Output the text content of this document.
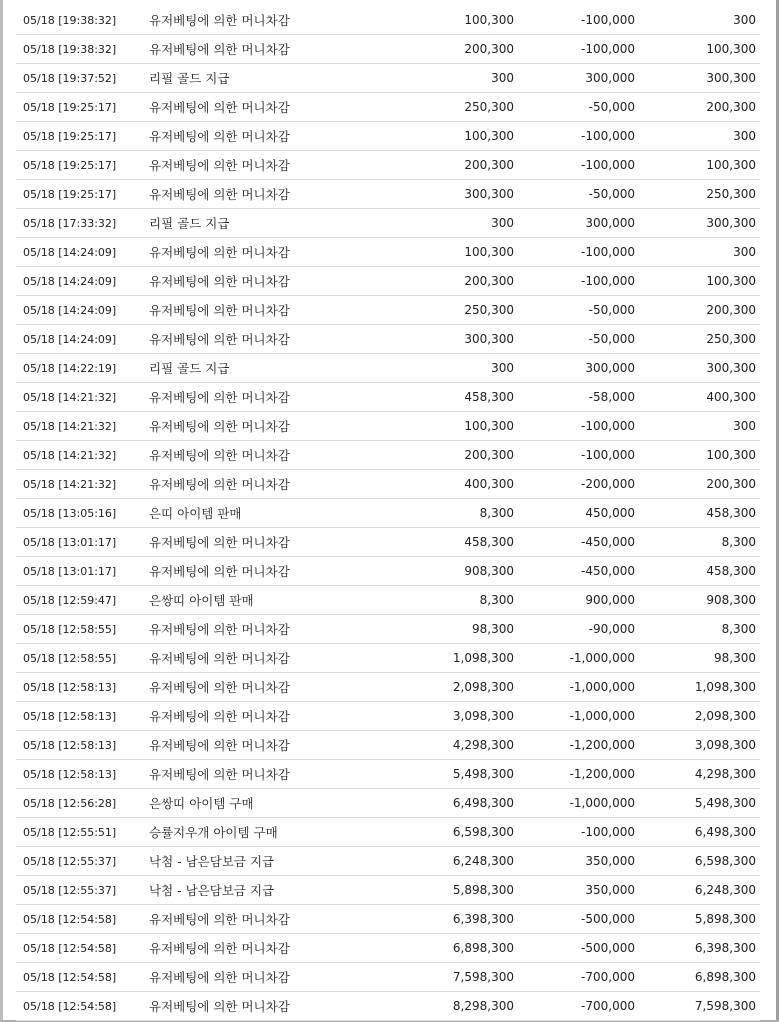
05/18 [19:38:32]	유저베팅에 의한 머니차감	100,300	-100,000	300
05/18 [19:38:32]	유저베팅에 의한 머니차감	200,300	-100,000	100,300
05/18 [19:37:52]	리필 골드 지급	300	300,000	300,300
05/18 [19:25:17]	유저베팅에 의한 머니차감	250,300	-50,000	200,300
05/18 [19:25:17]	유저베팅에 의한 머니차감	100,300	-100,000	300
05/18 [19:25:17]	유저베팅에 의한 머니차감	200,300	-100,000	100,300
05/18 [19:25:17]	유저베팅에 의한 머니차감	300,300	-50,000	250,300
05/18 [17:33:32]	리필 골드 지급	300	300,000	300,300
05/18 [14:24:09]	유저베팅에 의한 머니차감	100,300	-100,000	300
05/18 [14:24:09]	유저베팅에 의한 머니차감	200,300	-100,000	100,300
05/18 [14:24:09]	유저베팅에 의한 머니차감	250,300	-50,000	200,300
05/18 [14:24:09]	유저베팅에 의한 머니차감	300,300	-50,000	250,300
05/18 [14:22:19]	리필 골드 지급	300	300,000	300,300
05/18 [14:21:32]	유저베팅에 의한 머니차감	458,300	-58,000	400,300
05/18 [14:21:32]	유저베팅에 의한 머니차감	100,300	-100,000	300
05/18 [14:21:32]	유저베팅에 의한 머니차감	200,300	-100,000	100,300
05/18 [14:21:32]	유저베팅에 의한 머니차감	400,300	-200,000	200,300
05/18 [13:05:16]	은띠 아이템 판매	8,300	450,000	458,300
05/18 [13:01:17]	유저베팅에 의한 머니차감	458,300	-450,000	8,300
05/18 [13:01:17]	유저베팅에 의한 머니차감	908,300	-450,000	458,300
05/18 [12:59:47]	은쌍띠 아이템 판매	8,300	900,000	908,300
05/18 [12:58:55]	유저베팅에 의한 머니차감	98,300	-90,000	8,300
05/18 [12:58:55]	유저베팅에 의한 머니차감	1,098,300	-1,000,000	98,300
05/18 [12:58:13]	유저베팅에 의한 머니차감	2,098,300	-1,000,000	1,098,300
05/18 [12:58:13]	유저베팅에 의한 머니차감	3,098,300	-1,000,000	2,098,300
05/18 [12:58:13]	유저베팅에 의한 머니차감	4,298,300	-1,200,000	3,098,300
05/18 [12:58:13]	유저베팅에 의한 머니차감	5,498,300	-1,200,000	4,298,300
05/18 [12:56:28]	은쌍띠 아이템 구매	6,498,300	-1,000,000	5,498,300
05/18 [12:55:51]	승률지우개 아이템 구매	6,598,300	-100,000	6,498,300
05/18 [12:55:37]	낙첨 - 남은담보금 지급	6,248,300	350,000	6,598,300
05/18 [12:55:37]	낙첨 - 남은담보금 지급	5,898,300	350,000	6,248,300
05/18 [12:54:58]	유저베팅에 의한 머니차감	6,398,300	-500,000	5,898,300
05/18 [12:54:58]	유저베팅에 의한 머니차감	6,898,300	-500,000	6,398,300
05/18 [12:54:58]	유저베팅에 의한 머니차감	7,598,300	-700,000	6,898,300
05/18 [12:54:58]	유저베팅에 의한 머니차감	8,298,300	-700,000	7,598,300
